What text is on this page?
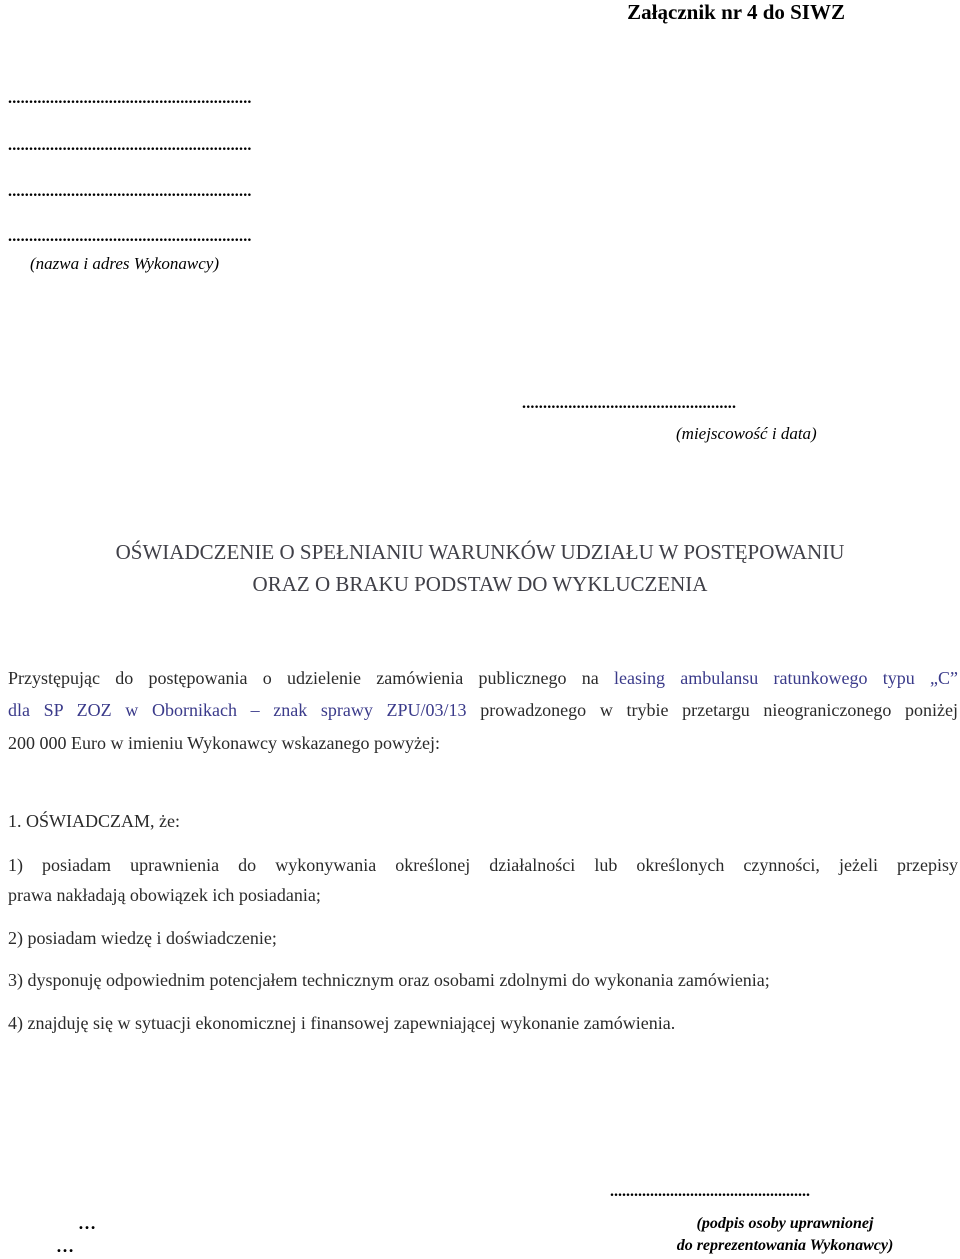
Załącznik nr 4 do SIWZ
..........................................................
..........................................................
..........................................................
..........................................................
(nazwa i adres Wykonawcy)
...................................................
(miejscowość i data)
OŚWIADCZENIE O SPEŁNIANIU WARUNKÓW UDZIAŁU W POSTĘPOWANIU
ORAZ O BRAKU PODSTAW DO WYKLUCZENIA
Przystępując do postępowania o udzielenie zamówienia publicznego na leasing ambulansu ratunkowego typu „C”
dla SP ZOZ w Obornikach – znak sprawy ZPU/03/13 prowadzonego w trybie przetargu nieograniczonego poniżej
200 000 Euro w imieniu Wykonawcy wskazanego powyżej:
1. OŚWIADCZAM, że:
1) posiadam uprawnienia do wykonywania określonej działalności lub określonych czynności, jeżeli przepisy
prawa nakładają obowiązek ich posiadania;
2) posiadam wiedzę i doświadczenie;
3) dysponuję odpowiednim potencjałem technicznym oraz osobami zdolnymi do wykonania zamówienia;
4) znajduję się w sytuacji ekonomicznej i finansowej zapewniającej wykonanie zamówienia.
..................................................
(podpis osoby uprawnionej
do reprezentowania Wykonawcy)
…
…
